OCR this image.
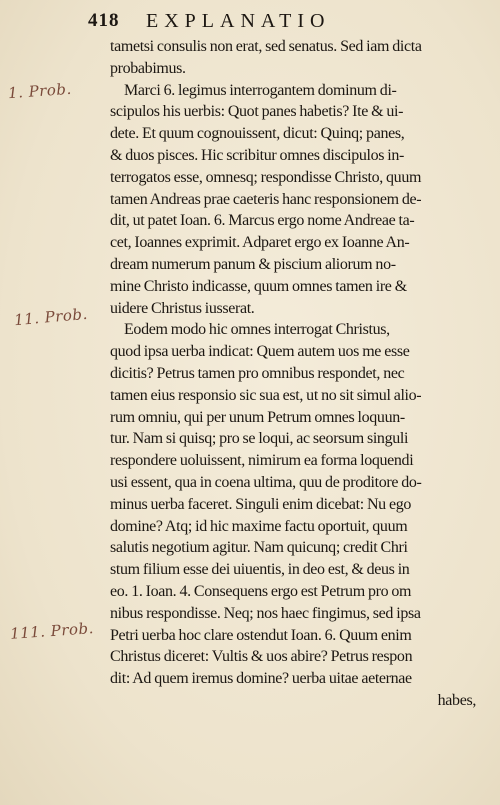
418 EXPLANATIO
1. Prob.
11. Prob.
111. Prob.
tametsi consulis non erat, sed senatus. Sed iam dicta
probabimus.
Marci 6. legimus interrogantem dominum di-
scipulos his uerbis: Quot panes habetis? Ite & ui-
dete. Et quum cognouissent, dicut: Quinq; panes,
& duos pisces. Hic scribitur omnes discipulos in-
terrogatos esse, omnesq; respondisse Christo, quum
tamen Andreas prae caeteris hanc responsionem de-
dit, ut patet Ioan. 6. Marcus ergo nome Andreae ta-
cet, Ioannes exprimit. Adparet ergo ex Ioanne An-
dream numerum panum & piscium aliorum no-
mine Christo indicasse, quum omnes tamen ire &
uidere Christus iusserat.
Eodem modo hic omnes interrogat Christus,
quod ipsa uerba indicat: Quem autem uos me esse
dicitis? Petrus tamen pro omnibus respondet, nec
tamen eius responsio sic sua est, ut no sit simul alio-
rum omniu, qui per unum Petrum omnes loquun-
tur. Nam si quisq; pro se loqui, ac seorsum singuli
respondere uoluissent, nimirum ea forma loquendi
usi essent, qua in coena ultima, quu de proditore do-
minus uerba faceret. Singuli enim dicebat: Nu ego
domine? Atq; id hic maxime factu oportuit, quum
salutis negotium agitur. Nam quicunq; credit Chri
stum filium esse dei uiuentis, in deo est, & deus in
eo. 1. Ioan. 4. Consequens ergo est Petrum pro om
nibus respondisse. Neq; nos haec fingimus, sed ipsa
Petri uerba hoc clare ostendut Ioan. 6. Quum enim
Christus diceret: Vultis & uos abire? Petrus respon
dit: Ad quem iremus domine? uerba uitae aeternae
habes,
